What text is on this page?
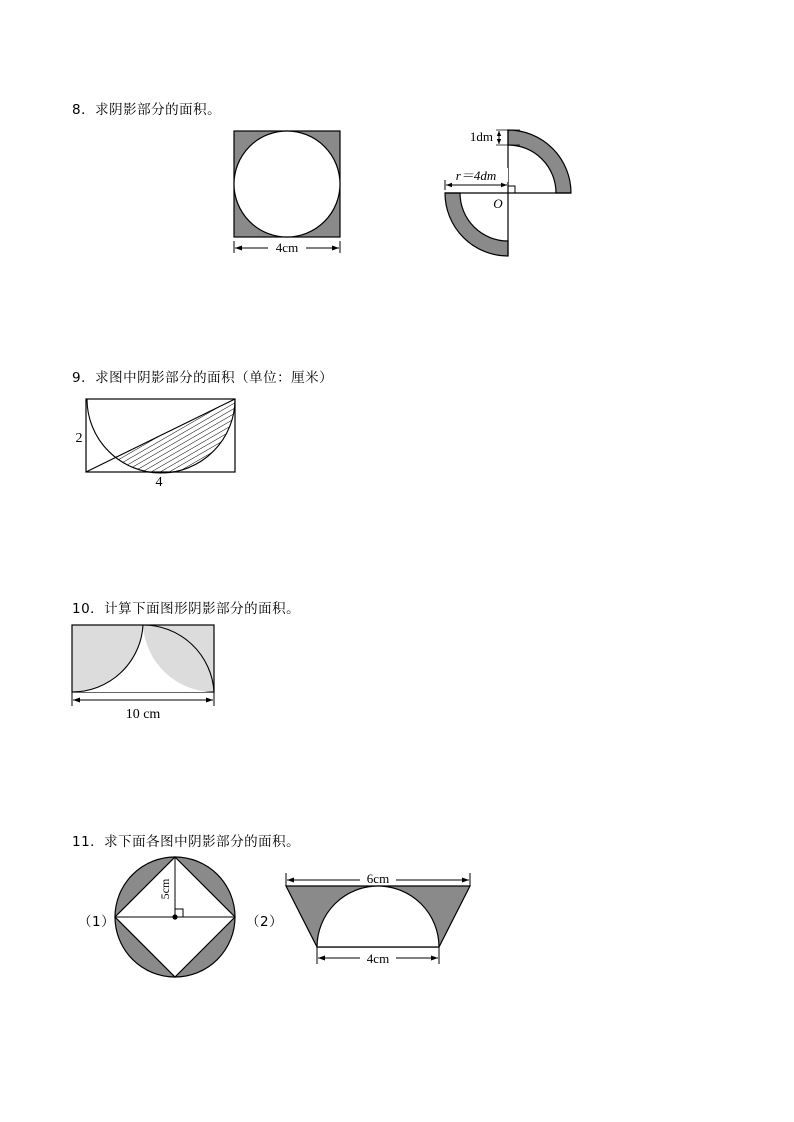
8．求阴影部分的面积。
4cm
r＝4dm
1dm
O
9．求图中阴影部分的面积（单位：厘米）
2
4
10．计算下面图形阴影部分的面积。
10 cm
11．求下面各图中阴影部分的面积。
（1）
5cm
（2）
6cm
4cm
